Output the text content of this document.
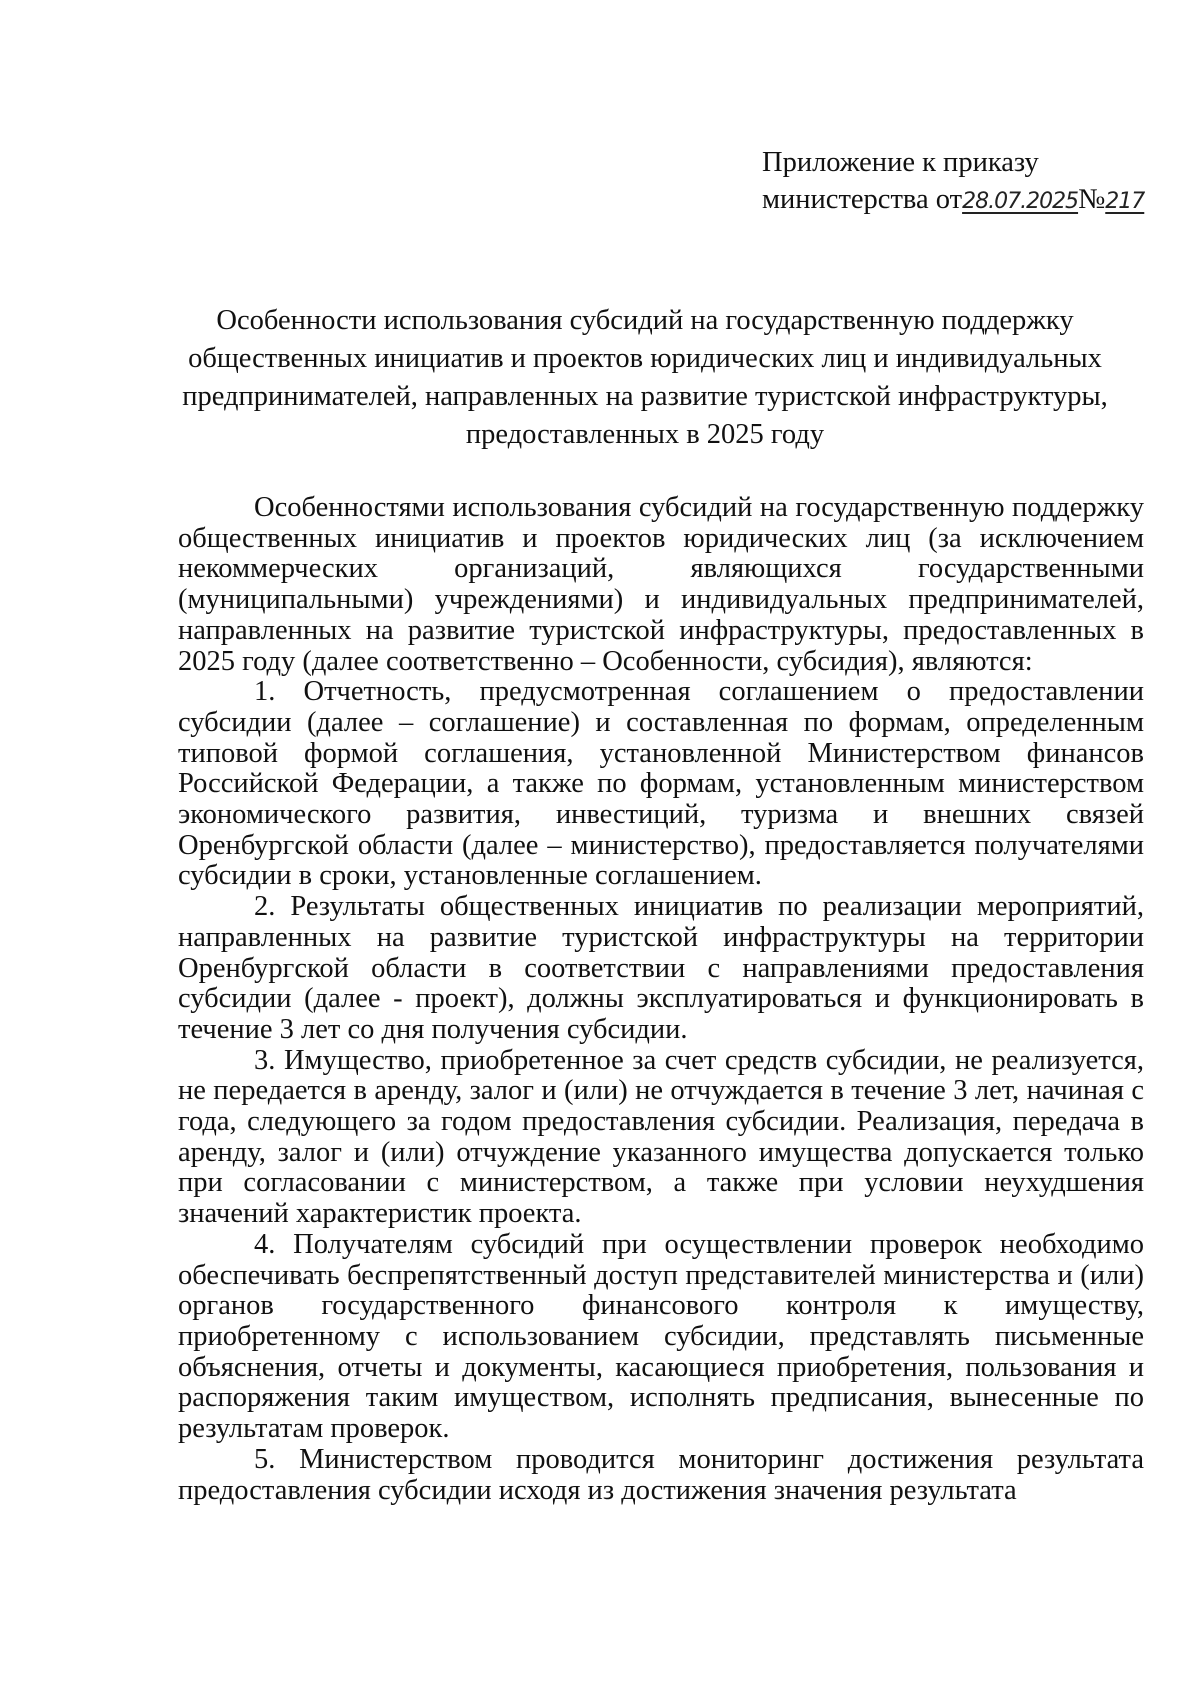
Приложение к приказу
министерства от28.07.2025№217
Особенности использования субсидий на государственную поддержку общественных инициатив и проектов юридических лиц и индивидуальных предпринимателей, направленных на развитие туристской инфраструктуры, предоставленных в 2025 году

Особенностями использования субсидий на государственную поддержку общественных инициатив и проектов юридических лиц (за исключением некоммерческих организаций, являющихся государственными (муниципальными) учреждениями) и индивидуальных предпринимателей, направленных на развитие туристской инфраструктуры, предоставленных в 2025 году (далее соответственно – Особенности, субсидия), являются:

1. Отчетность, предусмотренная соглашением о предоставлении субсидии (далее – соглашение) и составленная по формам, определенным типовой формой соглашения, установленной Министерством финансов Российской Федерации, а также по формам, установленным министерством экономического развития, инвестиций, туризма и внешних связей Оренбургской области (далее – министерство), предоставляется получателями субсидии в сроки, установленные соглашением.

2. Результаты общественных инициатив по реализации мероприятий, направленных на развитие туристской инфраструктуры на территории Оренбургской области в соответствии с направлениями предоставления субсидии (далее - проект), должны эксплуатироваться и функционировать в течение 3 лет со дня получения субсидии.

3. Имущество, приобретенное за счет средств субсидии, не реализуется, не передается в аренду, залог и (или) не отчуждается в течение 3 лет, начиная с года, следующего за годом предоставления субсидии. Реализация, передача в аренду, залог и (или) отчуждение указанного имущества допускается только при согласовании с министерством, а также при условии неухудшения значений характеристик проекта.

4. Получателям субсидий при осуществлении проверок необходимо обеспечивать беспрепятственный доступ представителей министерства и (или) органов государственного финансового контроля к имуществу, приобретенному с использованием субсидии, представлять письменные объяснения, отчеты и документы, касающиеся приобретения, пользования и распоряжения таким имуществом, исполнять предписания, вынесенные по результатам проверок.

5. Министерством проводится мониторинг достижения результата предоставления субсидии исходя из достижения значения результата
